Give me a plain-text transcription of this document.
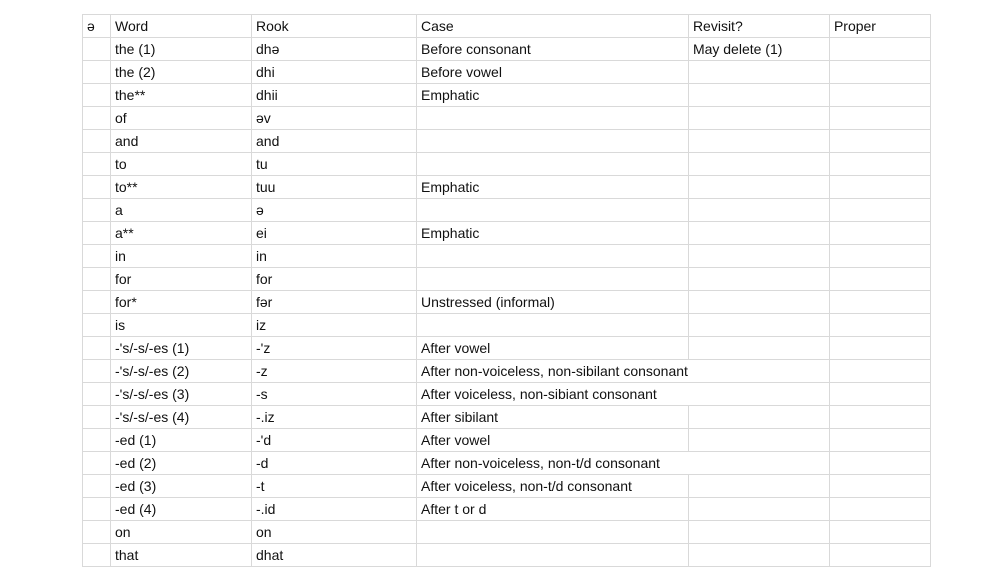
ə	Word	Rook	Case	Revisit?	Proper
	the (1)	dhə	Before consonant	May delete (1)	
	the (2)	dhi	Before vowel		
	the**	dhii	Emphatic		
	of	əv			
	and	and			
	to	tu			
	to**	tuu	Emphatic		
	a	ə			
	a**	ei	Emphatic		
	in	in			
	for	for			
	for*	fər	Unstressed (informal)		
	is	iz			
	-'s/-s/-es (1)	-'z	After vowel		
	-'s/-s/-es (2)	-z	After non-voiceless, non-sibilant consonant		
	-'s/-s/-es (3)	-s	After voiceless, non-sibiant consonant		
	-'s/-s/-es (4)	-.iz	After sibilant		
	-ed (1)	-'d	After vowel		
	-ed (2)	-d	After non-voiceless, non-t/d consonant		
	-ed (3)	-t	After voiceless, non-t/d consonant		
	-ed (4)	-.id	After t or d		
	on	on			
	that	dhat			
